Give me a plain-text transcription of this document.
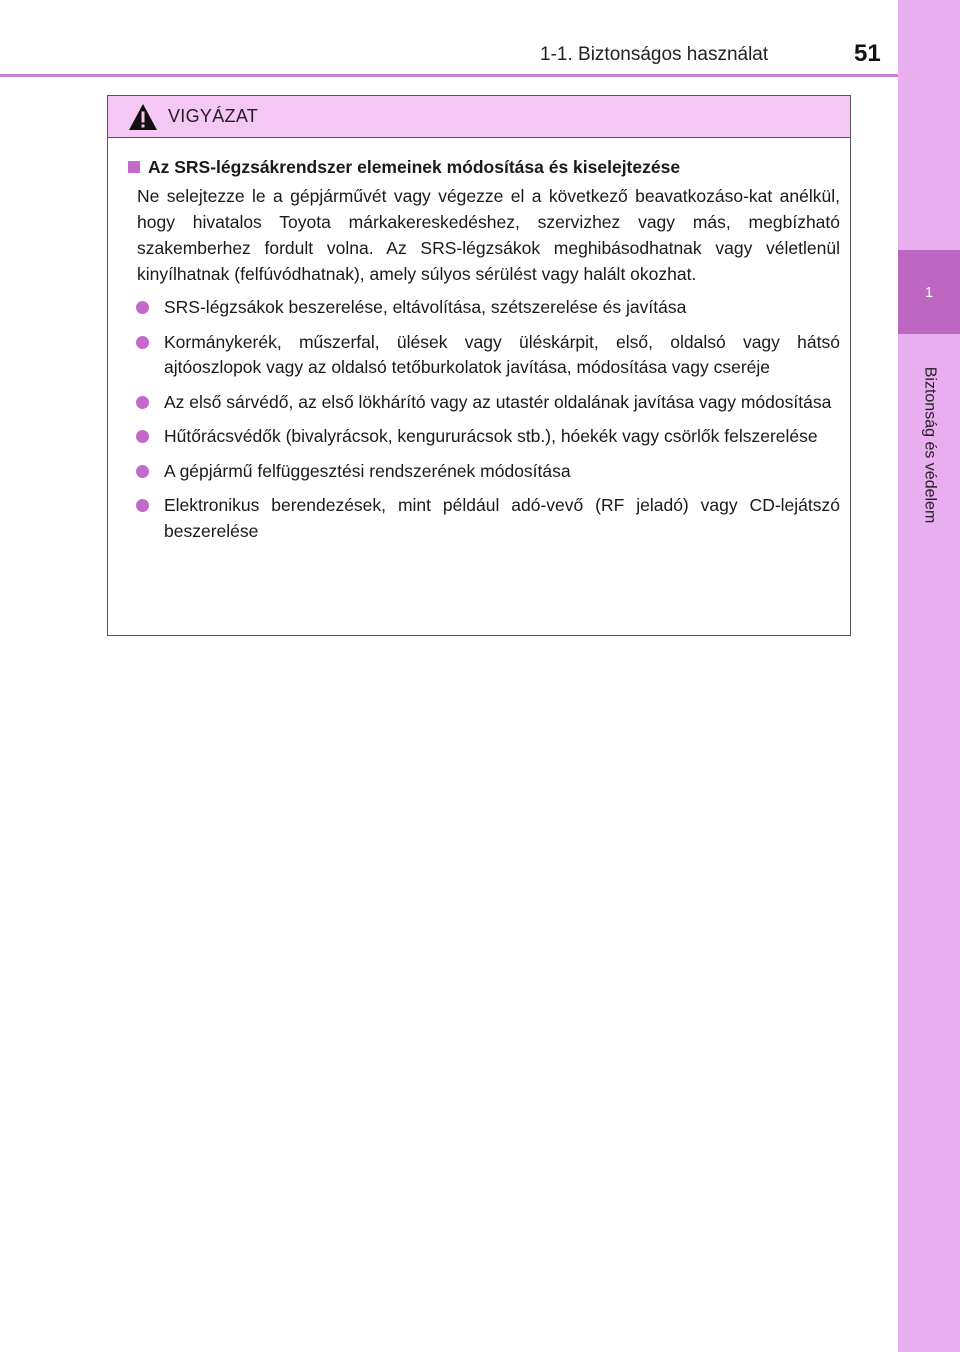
1-1. Biztonságos használat	51
1
Biztonság és védelem
VIGYÁZAT
Az SRS-légzsákrendszer elemeinek módosítása és kiselejtezése

Ne selejtezze le a gépjárművét vagy végezze el a következő beavatkozáso-kat anélkül, hogy hivatalos Toyota márkakereskedéshez, szervizhez vagy más, megbízható szakemberhez fordult volna. Az SRS-légzsákok meghibásodhatnak vagy véletlenül kinyílhatnak (felfúvódhatnak), amely súlyos sérülést vagy halált okozhat.

SRS-légzsákok beszerelése, eltávolítása, szétszerelése és javítása
Kormánykerék, műszerfal, ülések vagy üléskárpit, első, oldalsó vagy hátsó ajtóoszlopok vagy az oldalsó tetőburkolatok javítása, módosítása vagy cseréje
Az első sárvédő, az első lökhárító vagy az utastér oldalának javítása vagy módosítása
Hűtőrácsvédők (bivalyrácsok, kengururácsok stb.), hóekék vagy csörlők felszerelése
A gépjármű felfüggesztési rendszerének módosítása
Elektronikus berendezések, mint például adó-vevő (RF jeladó) vagy CD-lejátszó beszerelése
